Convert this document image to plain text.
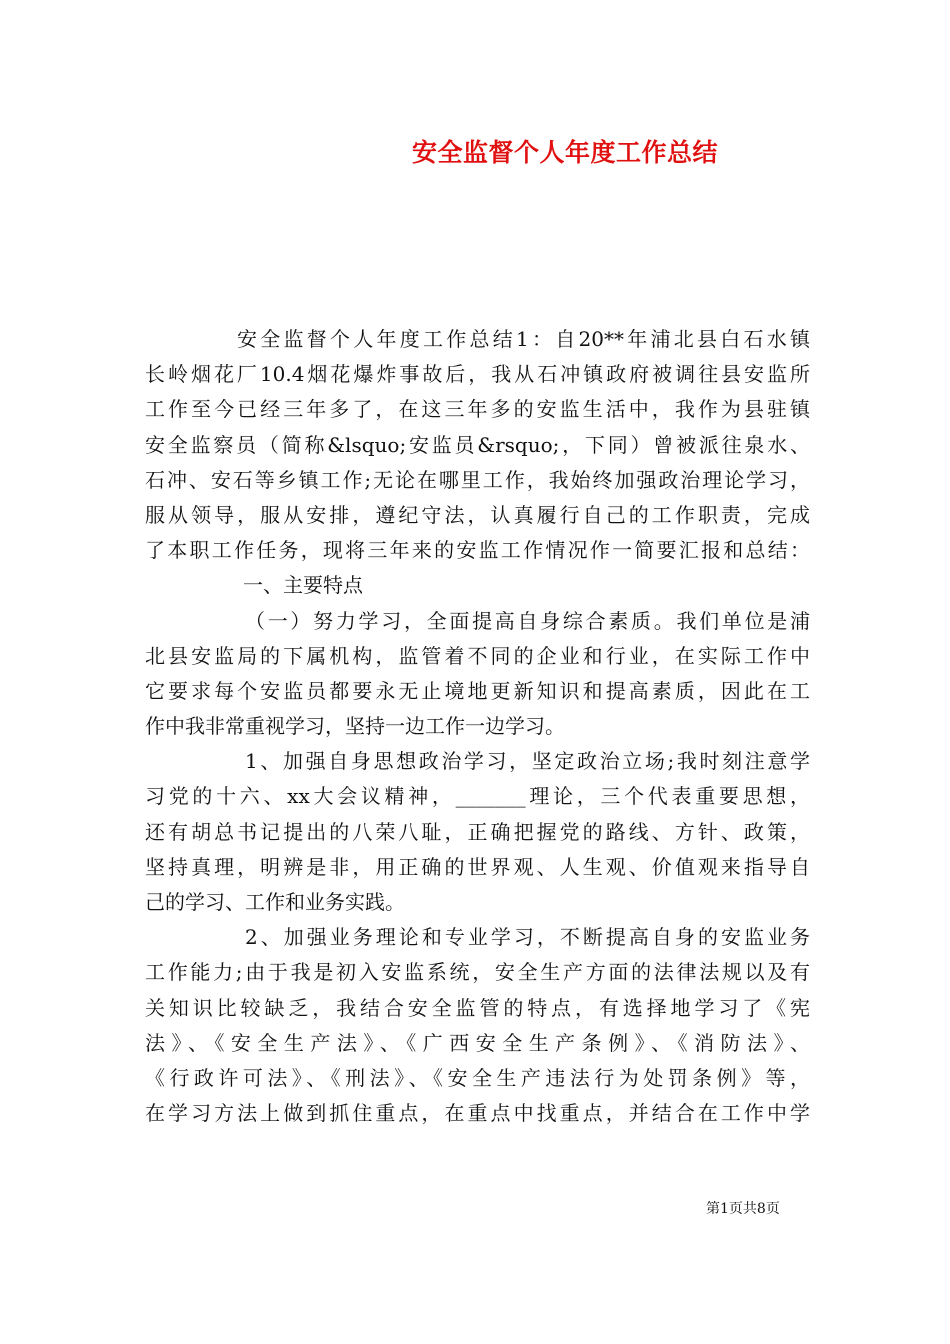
安全监督个人年度工作总结
安全监督个人年度工作总结1：自20**年浦北县白石水镇
长岭烟花厂10.4烟花爆炸事故后，我从石冲镇政府被调往县安监所
工作至今已经三年多了，在这三年多的安监生活中，我作为县驻镇
安全监察员（简称&lsquo;安监员&rsquo;，下同）曾被派往泉水、
石冲、安石等乡镇工作;无论在哪里工作，我始终加强政治理论学习，
服从领导，服从安排，遵纪守法，认真履行自己的工作职责，完成
了本职工作任务，现将三年来的安监工作情况作一简要汇报和总结：
一、主要特点
（一）努力学习，全面提高自身综合素质。我们单位是浦
北县安监局的下属机构，监管着不同的企业和行业，在实际工作中
它要求每个安监员都要永无止境地更新知识和提高素质，因此在工
作中我非常重视学习，坚持一边工作一边学习。
1、加强自身思想政治学习，坚定政治立场;我时刻注意学
习党的十六、xx大会议精神，_______理论，三个代表重要思想，
还有胡总书记提出的八荣八耻，正确把握党的路线、方针、政策，
坚持真理，明辨是非，用正确的世界观、人生观、价值观来指导自
己的学习、工作和业务实践。
2、加强业务理论和专业学习，不断提高自身的安监业务
工作能力;由于我是初入安监系统，安全生产方面的法律法规以及有
关知识比较缺乏，我结合安全监管的特点，有选择地学习了《宪
法》、《安全生产法》、《广西安全生产条例》、《消防法》、
《行政许可法》、《刑法》、《安全生产违法行为处罚条例》等，
在学习方法上做到抓住重点，在重点中找重点，并结合在工作中学
第1页共8页
